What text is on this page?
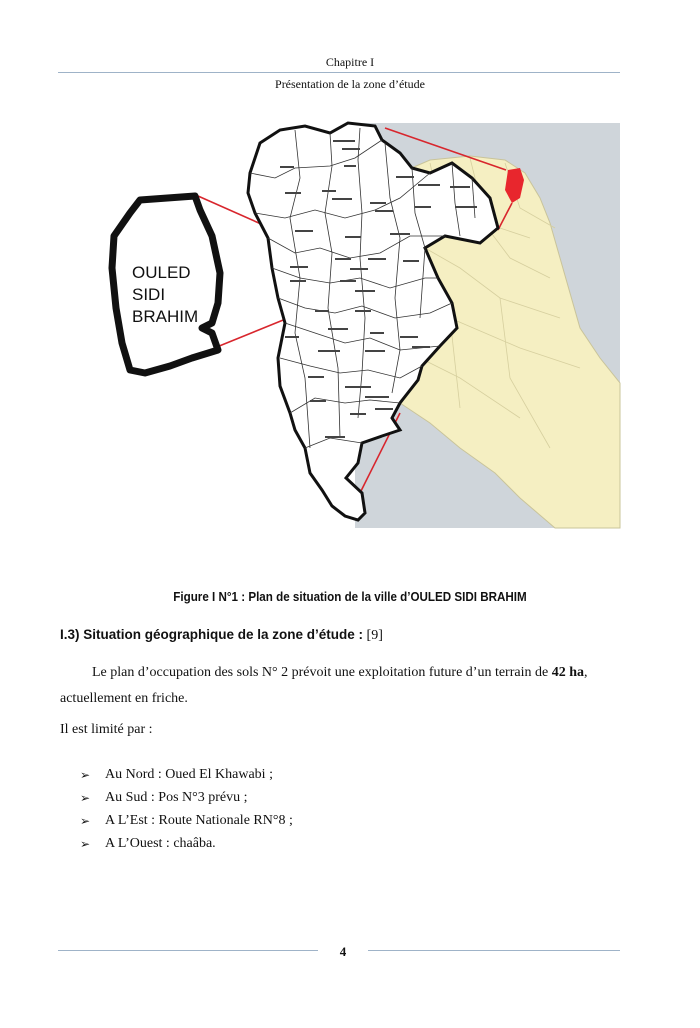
Chapitre I
Présentation de la zone d’étude
OULED
SIDI
BRAHIM
Figure I N°1 : Plan de situation de la ville d’OULED SIDI BRAHIM
I.3) Situation géographique de la zone d’étude : [9]
Le plan d’occupation des sols N° 2 prévoit une exploitation future d’un terrain de 42 ha,
actuellement en friche.
Il est limité par :
➢	Au Nord : Oued El Khawabi ;
➢	Au Sud : Pos N°3 prévu ;
➢	A L’Est : Route Nationale RN°8 ;
➢	A L’Ouest : chaâba.
4
